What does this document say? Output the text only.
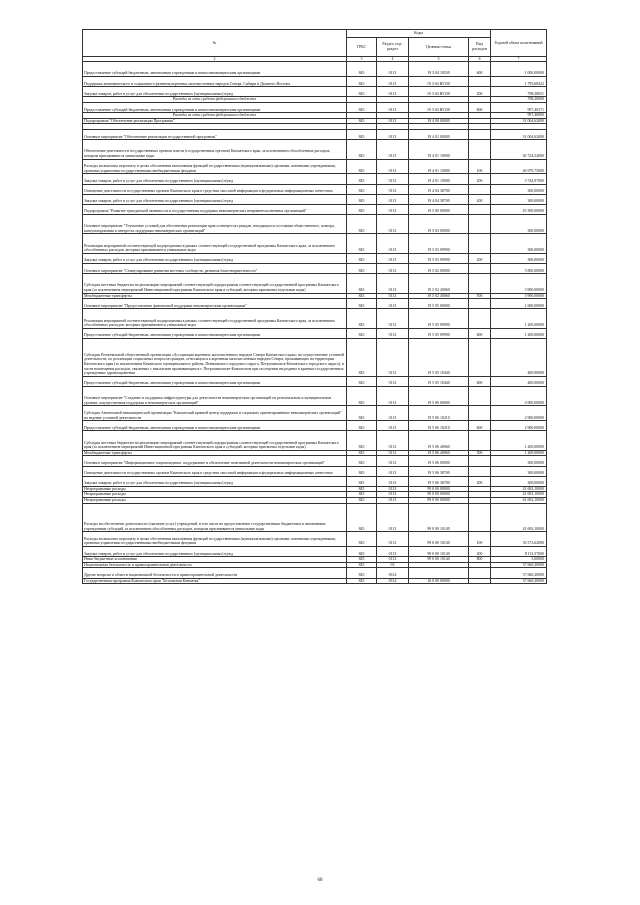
№	Коды				Годовой объем ассигнований
	ГРБС	Раздел, под-раздел	Целевая статья	Вид расходов	
2	3	4	5	6	7
Предоставление субсидий бюджетным, автономным учреждениям и иным некоммерческим организациям	845	0113	19 3 04 10530	600	1 000,00000
Поддержка экономического и социального развития коренных малочисленных народов Севера, Сибири и Дальнего Востока	845	0113	19 3 04 R5150		1 795,68422
Закупка товаров, работ и услуг для обеспечения государственных (муниципальных) нужд	845	0113	19 3 04 R5150	200	798,28051
Расходы из сети средств федерального бюджета					798,28000
Предоставление субсидий бюджетным, автономным учреждениям и иным некоммерческим организациям	845	0113	19 3 04 R5150	600	997,40371
Расходы из сети средств федерального бюджета					997,40000
Подпрограмма "Обеспечение реализации Программы"	845	0113	19 4 00 00000		31 064,62000

Основное мероприятие "Обеспечение реализации государственной программы"	845	0113	19 4 01 00000		31 064,62000
Обеспечение деятельности государственных органов власти (государственных органов) Камчатского края, за исключением обособленных расходов, которым присваиваются уникальные коды	845	0113	19 4 01 10000		30 724,52000
Расходы на выплаты персоналу в целях обеспечения выполнения функций государственными (муниципальными) органами, казенными учреждениями, органами управления государственными внебюджетными фондами	845	0113	19 4 01 10000	100	26 979,75000
Закупка товаров, работ и услуг для обеспечения государственных (муниципальных) нужд	845	0113	19 4 01 10000	200	3 744,97000
Освещение деятельности государственных органов Камчатского края в средствах массовой информации и федеральных информационных агентствах	845	0113	19 4 04 38700		300,00000
Закупка товаров, работ и услуг для обеспечения государственных (муниципальных) нужд	845	0113	19 4 04 38700	200	300,00000
Подпрограмма "Развитие гражданской активности и государственная поддержка некоммерческих неправительственных организаций"	845	0113	19 5 00 00000		10 300,00000
Основное мероприятие "Улучшение условий для обеспечения реализации прав и интересов граждан, находящихся состоянии общественного, повтора, консультирования в интересах поддержки некоммерческих организаций"	845	0113	19 5 03 00000		300,00000
Реализация мероприятий соответствующей подпрограммы в рамках соответствующей государственной программы Камчатского края, за исключением обособленных расходов, которым присваиваются уникальные коды	845	0113	19 5 03 09990		300,00000
Закупка товаров, работ и услуг для обеспечения государственных (муниципальных) нужд	845	0113	19 5 03 09990	200	300,00000
Основное мероприятие "Стимулирование развития местных сообществ, развития благотворительности"	845	0113	19 5 02 00000		5 800,00000
Субсидия местным бюджетам на реализацию мероприятий соответствующей подпрограммы соответствующей государственной программы Камчатского края (за исключением мероприятий Инвестиционной программы Камчатского края в субсидий, которым присвоены отдельные коды)	845	0113	19 5 02 40060		3 900,00000
Межбюджетные трансферты	845	0113	19 5 02 40060	500	3 900,00000
Основное мероприятие "Предоставление финансовой поддержки некоммерческим организациям"	845	0113	19 5 05 00000		1 600,00000
Реализация мероприятий соответствующей подпрограммы в рамках соответствующей государственной программы Камчатского края, за исключением обособленных расходов, которым присваиваются уникальные коды	845	0113	19 5 05 09990		1 200,00000
Предоставление субсидий бюджетным, автономным учреждениям и иным некоммерческим организациям	845	0113	19 5 05 09990	600	1 200,00000
Субсидия Региональной общественной организации «Ассоциация коренных малочисленных народов Севера Камчатского края» на осуществление уставной деятельности, по реализации социальных вопросов граждан, относящихся к коренным малочисленным народам Севера, проживающих на территории Камчатского края (за исключением Качинского муниципального района, Пенжинского городского округа, Петропавловск-Камчатского городского округа), в части возмещения расходов, связанных с выплатами проживающим в г. Петропавловске-Камчатском при посещении им родины в краевых государственных учреждениях здравоохранения	845	0113	19 5 05 10440		400,00000
Предоставление субсидий бюджетным, автономным учреждениям и иным некоммерческим организациям	845	0113	19 5 05 10440	600	400,00000
Основное мероприятие "Создание и поддержка инфраструктуры для деятельности некоммерческих организаций на региональном и муниципальном уровнях, имущественная поддержка и некоммерческих организаций"	845	0113	19 5 06 00000		4 900,00000
Субсидия Автономной некоммерческой организации "Камчатский краевой центр поддержки и социально ориентированных некоммерческих организаций" на ведение уставной деятельности	845	0113	19 5 06 10210		2 900,00000
Предоставление субсидий бюджетным, автономным учреждениям и иным некоммерческим организациям	845	0113	19 5 06 10210	600	2 900,00000
Субсидия местным бюджетам на реализацию мероприятий соответствующей подпрограммы соответствующей государственной программы Камчатского края (за исключением мероприятий Инвестиционной программы Камчатского края в субсидий, которым присвоены отдельные коды)	845	0113	19 5 06 40060		1 200,00000
Межбюджетные трансферты	845	0113	19 5 06 40060	500	1 200,00000
Основное мероприятие "Информационное сопровождение, поддержание и обеспечение позитивной деятельности некоммерческих организаций"	845	0113	19 5 06 00000		300,00000
Освещение деятельности государственных органов Камчатского края в средствах массовой информации и федеральных информационных агентствах	845	0113	19 5 06 38700		300,00000
Закупка товаров, работ и услуг для обеспечения государственных (муниципальных) нужд	845	0113	19 5 06 38700	200	300,00000
Непрограммные расходы	845	0113	99 0 00 00000		41 692,10000
Непрограммные расходы	845	0113	99 0 00 00000		41 692,10000
Непрограммные расходы	845	0113	99 0 00 00000		41 692,10000
Расходы на обеспечение деятельности (оказание услуг) учреждений, в том числе на предоставление государственным бюджетным и автономным учреждениям субсидий, за исключением обособленных расходов, которым присваиваются уникальные коды	845	0113	99 0 00 10140		41 692,10000
Расходы на выплаты персоналу в целях обеспечения выполнения функций государственными (муниципальными) органами, казенными учреждениями, органами управления государственными внебюджетными фондами	845	0113	99 0 00 10140	100	33 573,62000
Закупка товаров, работ и услуг для обеспечения государственных (муниципальных) нужд	845	0113	99 0 00 10140	200	8 113,37000
Иные бюджетные ассигнования	845	0113	99 0 00 10140	800	5,00000
Национальная безопасность и правоохранительная деятельность	845	03			37 660,20000
Другие вопросы в области национальной безопасности и правоохранительной деятельности	845	0314			37 660,20000
Государственная программа Камчатского края "Безопасная Камчатка"	845	0314	16 0 00 00000		37 660,20000
68
